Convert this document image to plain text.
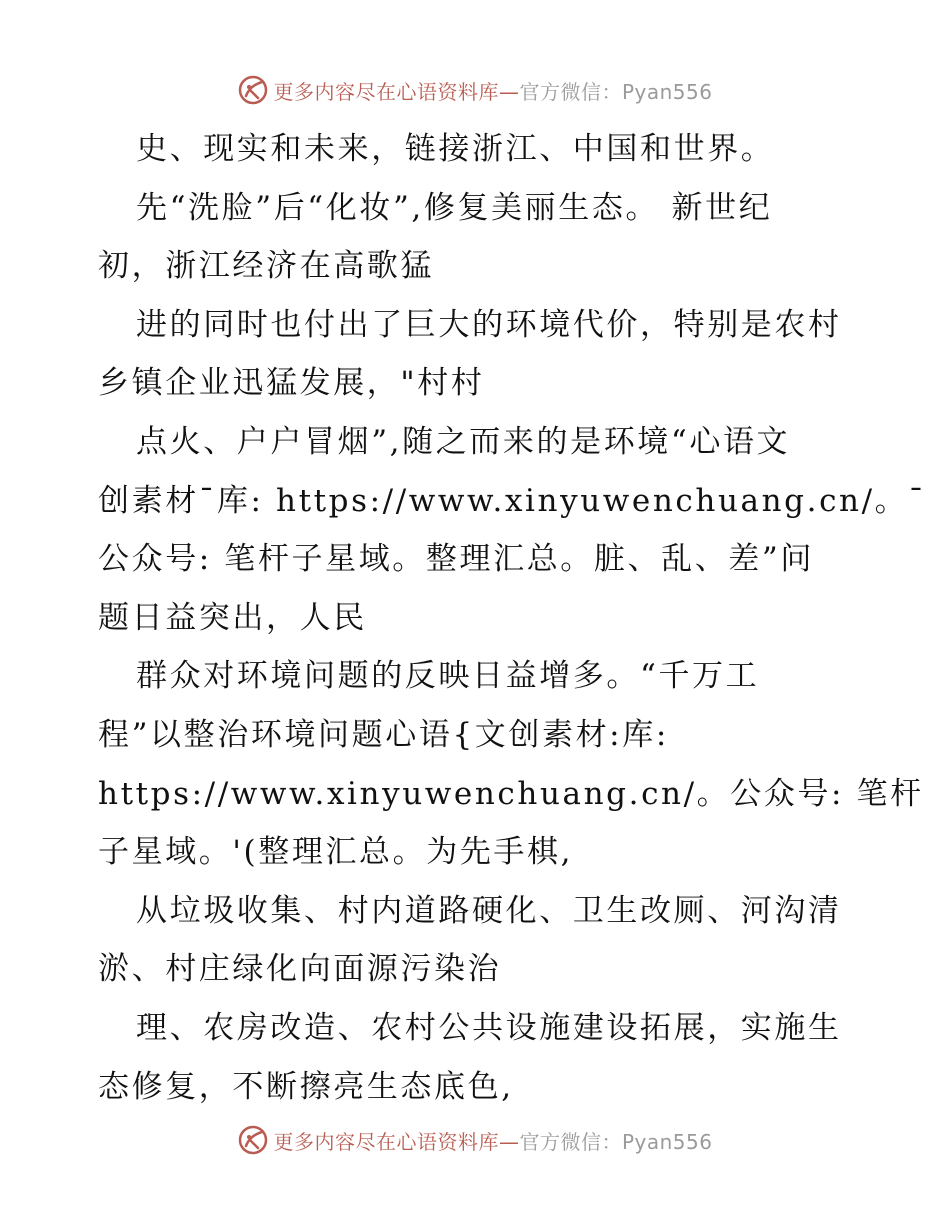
更多内容尽在心语资料库—官方微信：Pyan556

史、现实和未来，链接浙江、中国和世界。

先“洗脸”后“化妆”,修复美丽生态。 新世纪

初，浙江经济在高歌猛

进的同时也付出了巨大的环境代价，特别是农村

乡镇企业迅猛发展，"村村

点火、户户冒烟”,随之而来的是环境“心语文

创素材¯库: https://www.xinyuwenchuang.cn/。¯

公众号: 笔杆子星域。整理汇总。脏、乱、差”问

题日益突出，人民

群众对环境问题的反映日益增多。“千万工

程”以整治环境问题心语{文创素材:库:

https://www.xinyuwenchuang.cn/。公众号: 笔杆

子星域。'(整理汇总。为先手棋,

从垃圾收集、村内道路硬化、卫生改厕、河沟清

淤、村庄绿化向面源污染治

理、农房改造、农村公共设施建设拓展，实施生

态修复，不断擦亮生态底色,

更多内容尽在心语资料库—官方微信：Pyan556
